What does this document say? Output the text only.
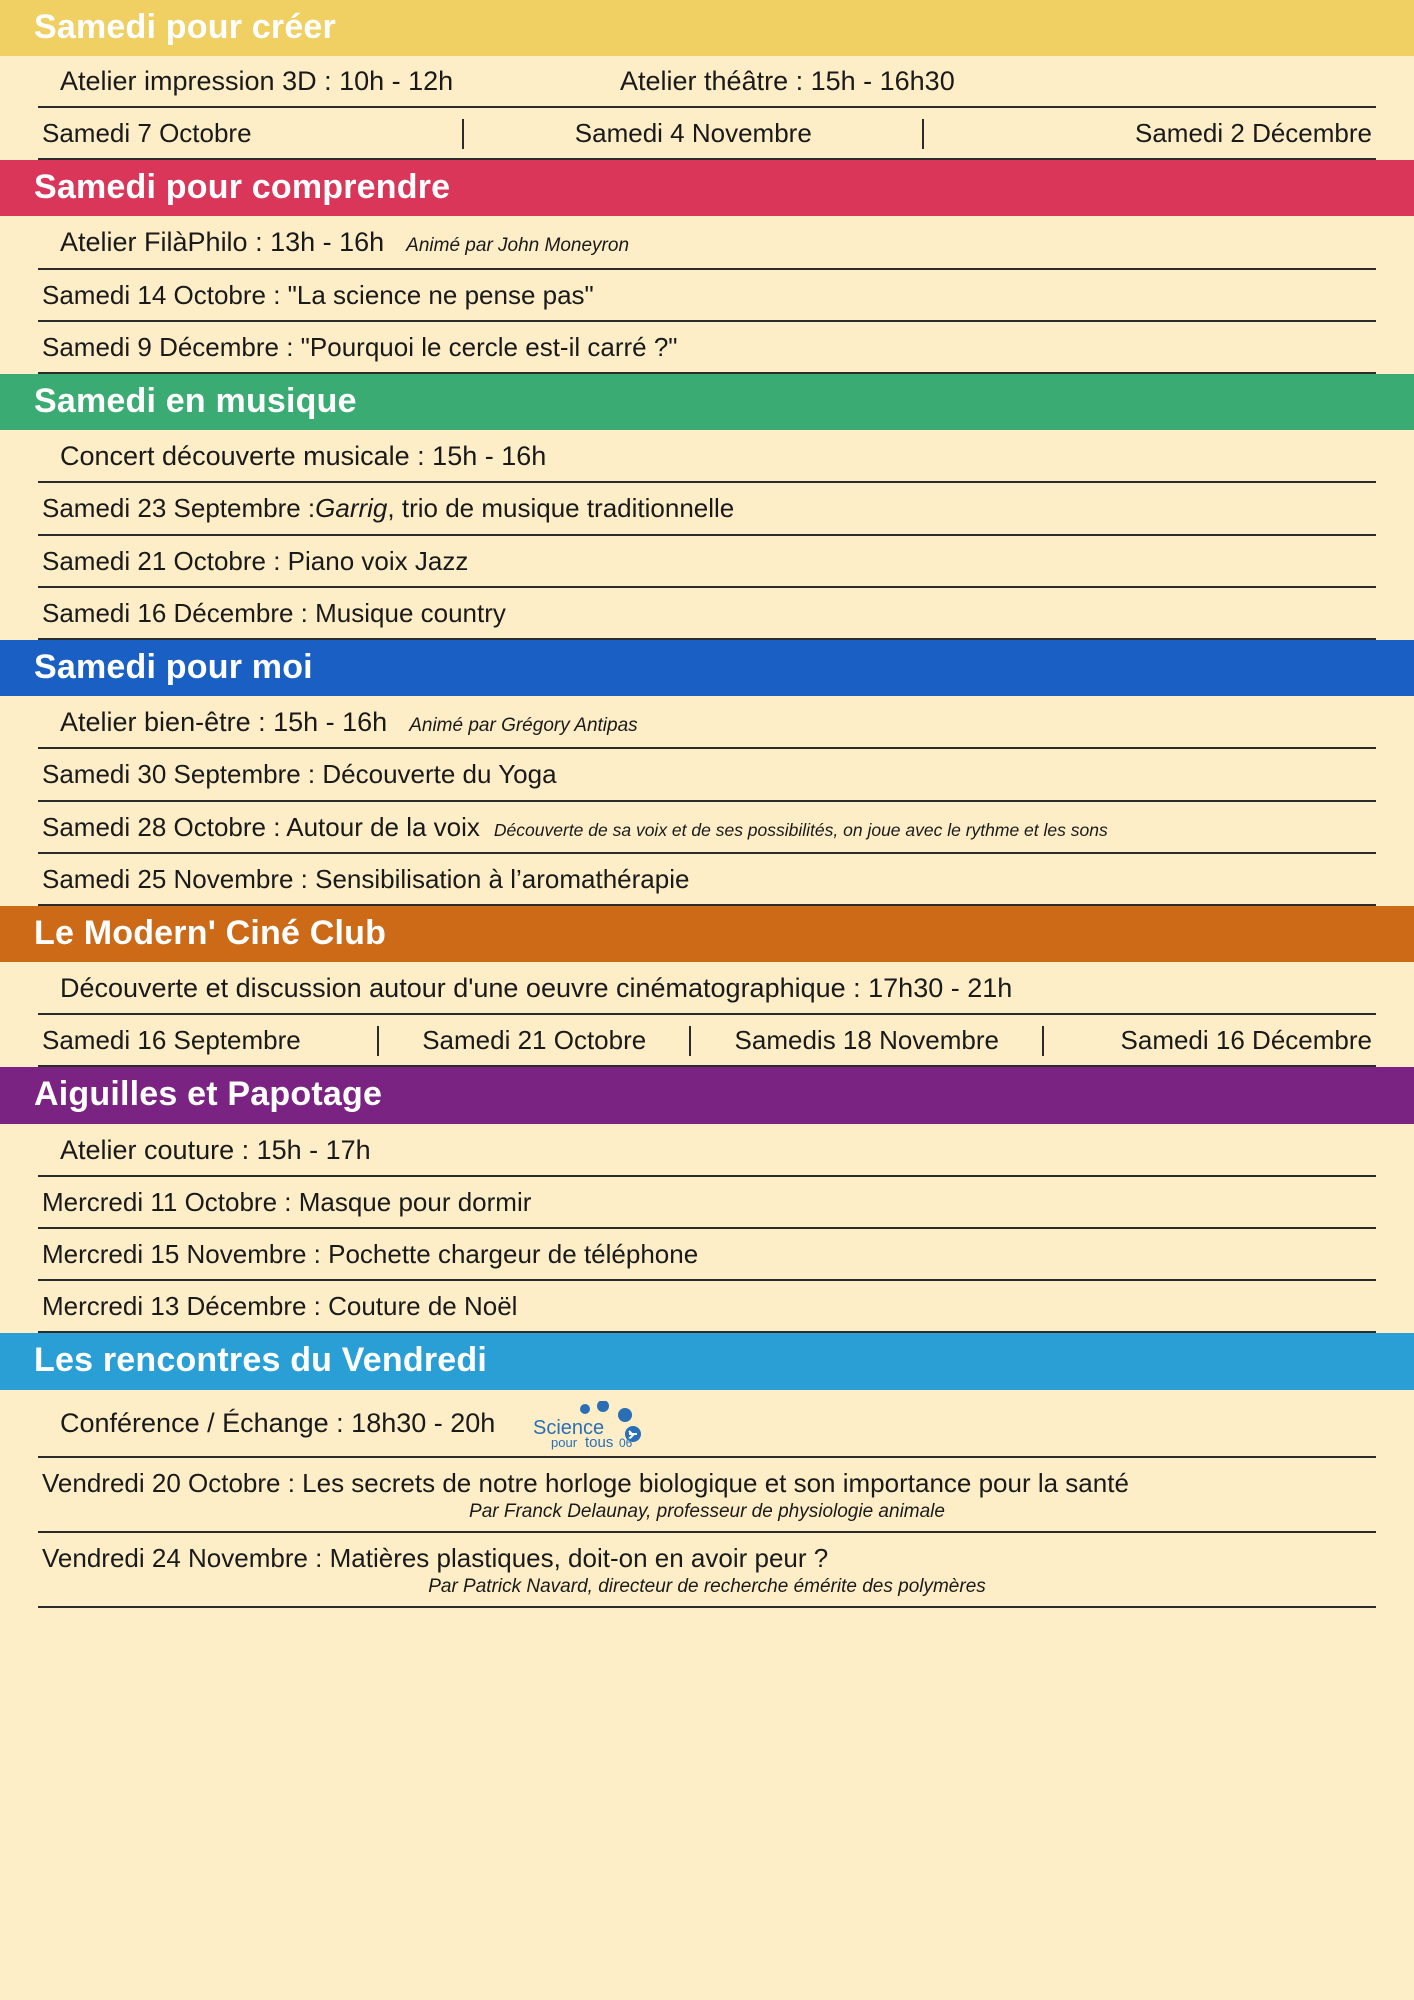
Samedi pour créer
Atelier impression 3D : 10h - 12h	Atelier théâtre : 15h - 16h30
Samedi 7 Octobre	Samedi 4 Novembre	Samedi 2 Décembre
Samedi pour comprendre
Atelier FilàPhilo : 13h - 16h Animé par John Moneyron
Samedi 14 Octobre : "La science ne pense pas"
Samedi 9 Décembre : "Pourquoi le cercle est-il carré ?"
Samedi en musique
Concert découverte musicale : 15h - 16h
Samedi 23 Septembre : Garrig , trio de musique traditionnelle
Samedi 21 Octobre : Piano voix Jazz
Samedi 16 Décembre : Musique country
Samedi pour moi
Atelier bien-être : 15h - 16h Animé par Grégory Antipas
Samedi 30 Septembre : Découverte du Yoga
Samedi 28 Octobre : Autour de la voix Découverte de sa voix et de ses possibilités, on joue avec le rythme et les sons
Samedi 25 Novembre : Sensibilisation à l’aromathérapie
Le Modern' Ciné Club
Découverte et discussion autour d'une oeuvre cinématographique : 17h30 - 21h
Samedi 16 Septembre	Samedi 21 Octobre	Samedis 18 Novembre	Samedi 16 Décembre
Aiguilles et Papotage
Atelier couture : 15h - 17h
Mercredi 11 Octobre : Masque pour dormir
Mercredi 15 Novembre : Pochette chargeur de téléphone
Mercredi 13 Décembre : Couture de Noël
Les rencontres du Vendredi
Conférence / Échange : 18h30 - 20h Science
pour tous 06
Vendredi 20 Octobre : Les secrets de notre horloge biologique et son importance pour la santé
Par Franck Delaunay, professeur de physiologie animale
Vendredi 24 Novembre : Matières plastiques, doit-on en avoir peur ?
Par Patrick Navard, directeur de recherche émérite des polymères
